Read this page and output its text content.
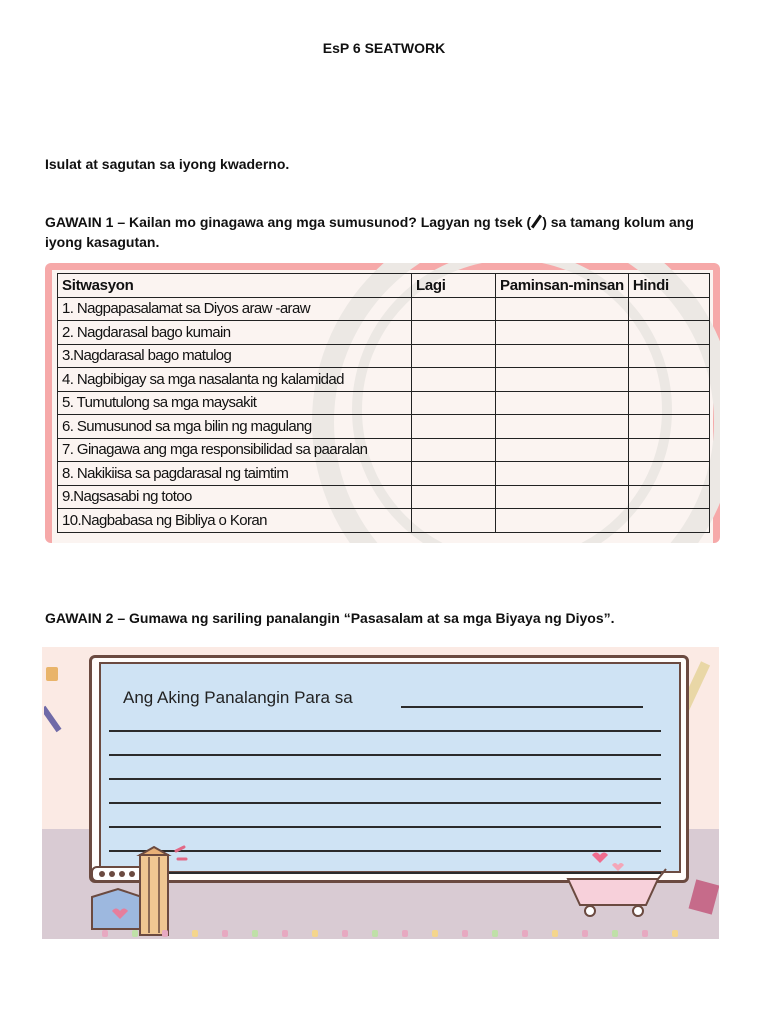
EsP 6 SEATWORK
Isulat at sagutan sa iyong kwaderno.
GAWAIN 1 – Kailan mo ginagawa ang mga sumusunod? Lagyan ng tsek ( ) sa tamang kolum ang iyong kasagutan.
Sitwasyon	Lagi	Paminsan-minsan	Hindi
1. Nagpapasalamat sa Diyos araw -araw			
2. Nagdarasal bago kumain			
3.Nagdarasal bago matulog			
4. Nagbibigay sa mga nasalanta ng kalamidad			
5. Tumutulong sa mga maysakit			
6. Sumusunod sa mga bilin ng magulang			
7. Ginagawa ang mga responsibilidad sa paaralan			
8. Nakikiisa sa pagdarasal ng taimtim			
9.Nagsasabi ng totoo			
10.Nagbabasa ng Bibliya o Koran			
GAWAIN 2 – Gumawa ng sariling panalangin “Pasasalam at sa mga Biyaya ng Diyos”.
Ang Aking Panalangin Para sa
